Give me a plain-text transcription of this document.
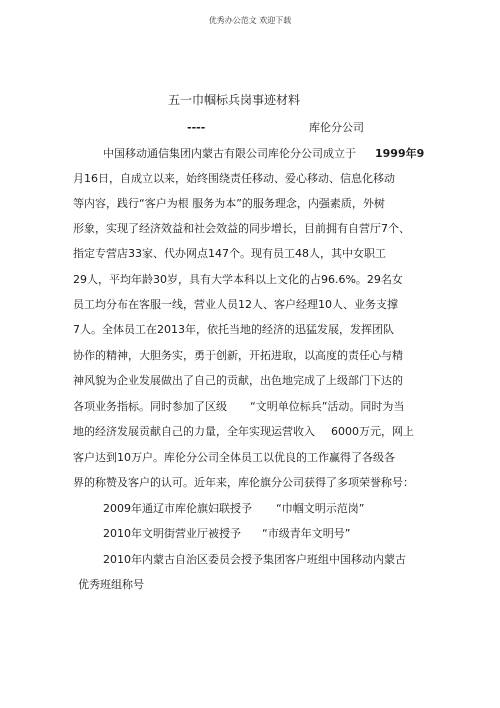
优秀办公范文 欢迎下载
五一巾帼标兵岗事迹材料
----	库伦分公司
中国移动通信集团内蒙古有限公司库伦分公司成立于 1999年9
月16日，自成立以来，始终围绕责任移动、爱心移动、信息化移动
等内容，践行“客户为根 服务为本”的服务理念，内强素质，外树
形象，实现了经济效益和社会效益的同步增长，目前拥有自营厅7个、
指定专营店33家、代办网点147个。现有员工48人，其中女职工
29人，平均年龄30岁，具有大学本科以上文化的占96.6%。29名女
员工均分布在客服一线，营业人员12人、客户经理10人、业务支撑
7人。全体员工在2013年，依托当地的经济的迅猛发展，发挥团队
协作的精神，大胆务实，勇于创新，开拓进取，以高度的责任心与精
神风貌为企业发展做出了自己的贡献，出色地完成了上级部门下达的
各项业务指标。同时参加了区级 “文明单位标兵”活动。同时为当
地的经济发展贡献自己的力量，全年实现运营收入 6000万元，网上
客户达到10万户。库伦分公司全体员工以优良的工作赢得了各级各
界的称赞及客户的认可。近年来，库伦旗分公司获得了多项荣誉称号：
2009年通辽市库伦旗妇联授予 “巾帼文明示范岗”
2010年文明街营业厅被授予 “市级青年文明号”
2010年内蒙古自治区委员会授予集团客户班组中国移动内蒙古
优秀班组称号
